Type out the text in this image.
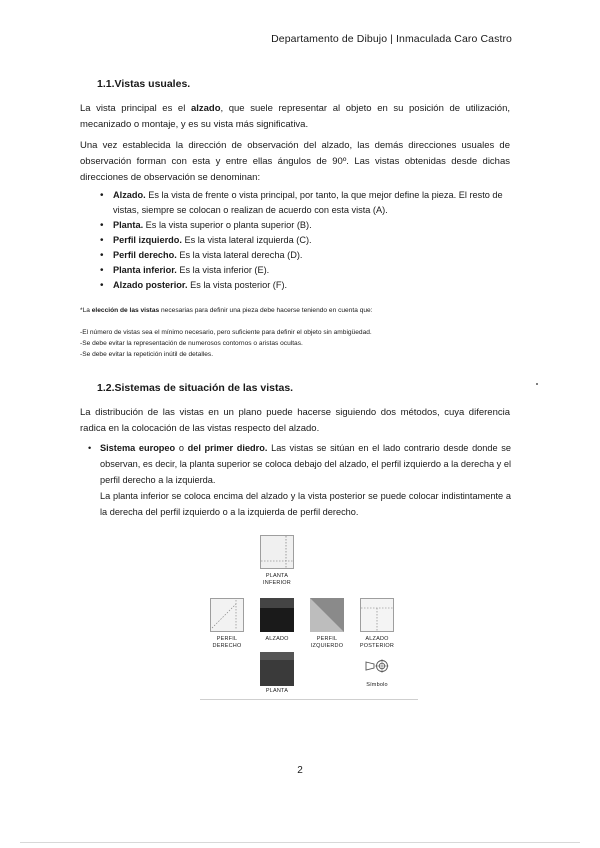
Departamento de Dibujo | Inmaculada Caro Castro
1.1.Vistas usuales.
La vista principal es el alzado, que suele representar al objeto en su posición de utilización, mecanizado o montaje, y es su vista más significativa.
Una vez establecida la dirección de observación del alzado, las demás direcciones usuales de observación forman con esta y entre ellas ángulos de 90º. Las vistas obtenidas desde dichas direcciones de observación se denominan:
• Alzado. Es la vista de frente o vista principal, por tanto, la que mejor define la pieza. El resto de vistas, siempre se colocan o realizan de acuerdo con esta vista (A).
• Planta. Es la vista superior o planta superior (B).
• Perfil izquierdo. Es la vista lateral izquierda (C).
• Perfil derecho. Es la vista lateral derecha (D).
• Planta inferior. Es la vista inferior (E).
• Alzado posterior. Es la vista posterior (F).
*La elección de las vistas necesarias para definir una pieza debe hacerse teniendo en cuenta que:
-El número de vistas sea el mínimo necesario, pero suficiente para definir el objeto sin ambigüedad.
-Se debe evitar la representación de numerosos contornos o aristas ocultas.
-Se debe evitar la repetición inútil de detalles.
1.2.Sistemas de situación de las vistas.
La distribución de las vistas en un plano puede hacerse siguiendo dos métodos, cuya diferencia radica en la colocación de las vistas respecto del alzado.
• Sistema europeo o del primer diedro. Las vistas se sitúan en el lado contrario desde donde se observan, es decir, la planta superior se coloca debajo del alzado, el perfil izquierdo a la derecha y el perfil derecho a la izquierda.
La planta inferior se coloca encima del alzado y la vista posterior se puede colocar indistintamente a la derecha del perfil izquierdo o a la izquierda de perfil derecho.
PLANTA INFERIOR
PERFIL DERECHO
ALZADO	PERFIL IZQUIERDO
ALZADO POSTERIOR
PLANTA
Símbolo
2
